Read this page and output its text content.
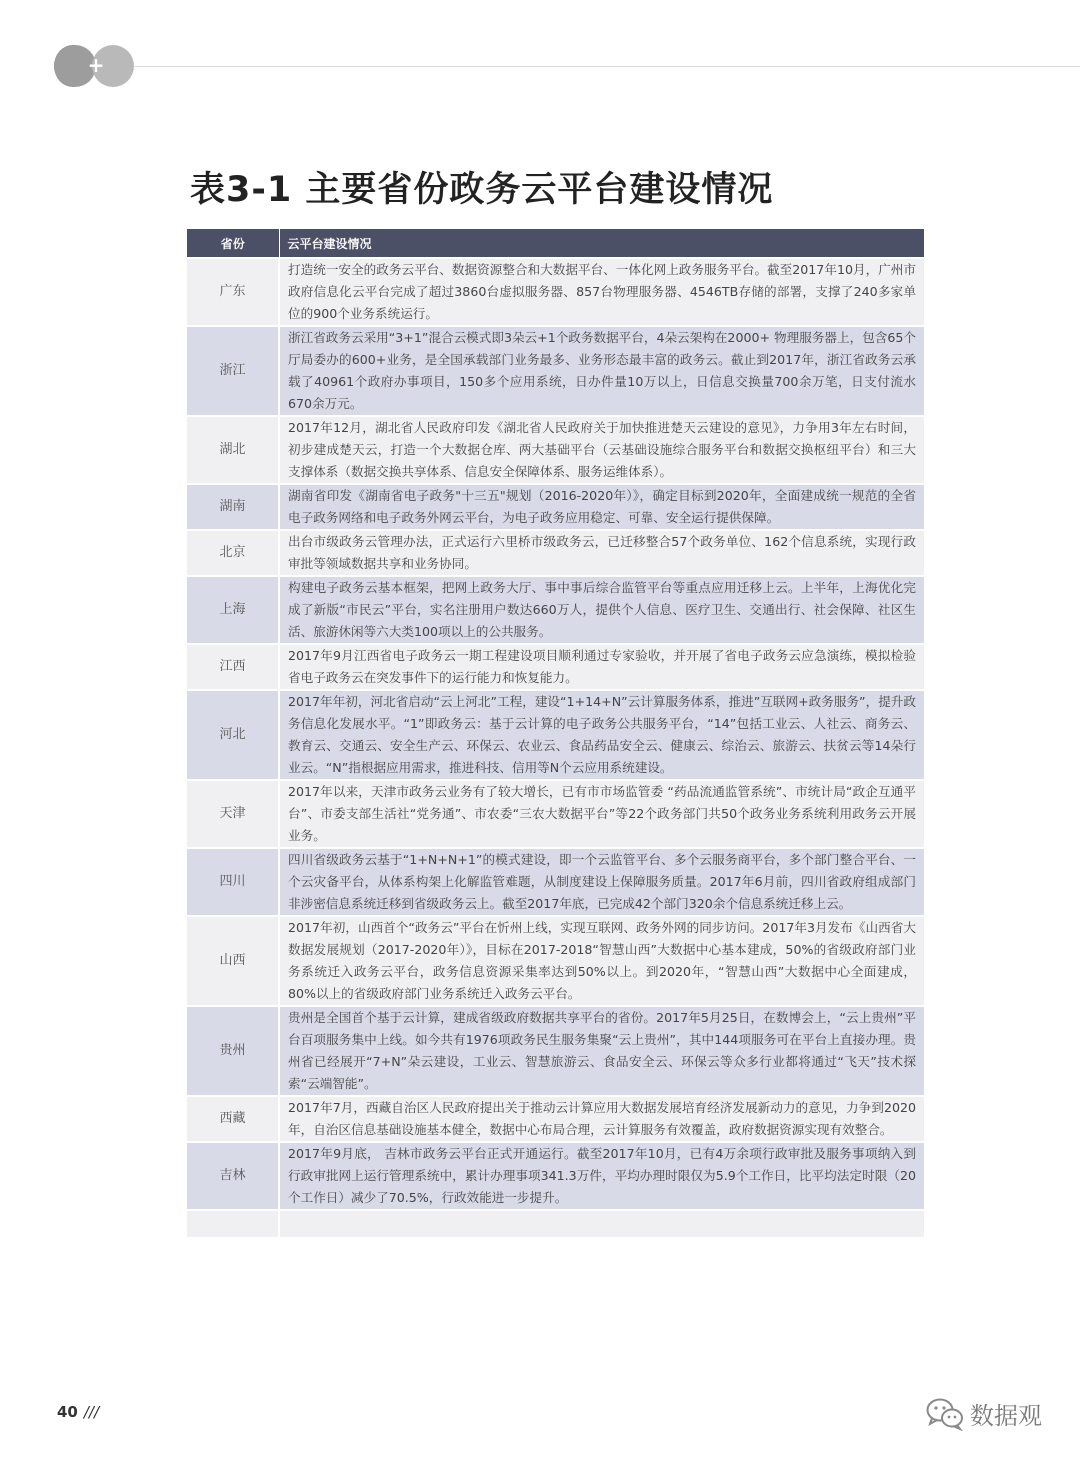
+
表3-1 主要省份政务云平台建设情况
省份	云平台建设情况
广东	打造统一安全的政务云平台、数据资源整合和大数据平台、一体化网上政务服务平台。截至2017年10月，广州市政府信息化云平台完成了超过3860台虚拟服务器、857台物理服务器、4546TB存储的部署，支撑了240多家单位的900个业务系统运行。
浙江	浙江省政务云采用“3+1”混合云模式即3朵云+1个政务数据平台，4朵云架构在2000+ 物理服务器上，包含65个厅局委办的600+业务，是全国承载部门业务最多、业务形态最丰富的政务云。截止到2017年，浙江省政务云承载了40961个政府办事项目，150多个应用系统，日办件量10万以上，日信息交换量700余万笔，日支付流水670余万元。
湖北	2017年12月，湖北省人民政府印发《湖北省人民政府关于加快推进楚天云建设的意见》，力争用3年左右时间，初步建成楚天云，打造一个大数据仓库、两大基础平台（云基础设施综合服务平台和数据交换枢纽平台）和三大支撑体系（数据交换共享体系、信息安全保障体系、服务运维体系）。
湖南	湖南省印发《湖南省电子政务"十三五"规划（2016-2020年）》，确定目标到2020年，全面建成统一规范的全省电子政务网络和电子政务外网云平台，为电子政务应用稳定、可靠、安全运行提供保障。
北京	出台市级政务云管理办法，正式运行六里桥市级政务云，已迁移整合57个政务单位、162个信息系统，实现行政审批等领域数据共享和业务协同。
上海	构建电子政务云基本框架，把网上政务大厅、事中事后综合监管平台等重点应用迁移上云。上半年，上海优化完成了新版“市民云”平台，实名注册用户数达660万人，提供个人信息、医疗卫生、交通出行、社会保障、社区生活、旅游休闲等六大类100项以上的公共服务。
江西	2017年9月江西省电子政务云一期工程建设项目顺利通过专家验收，并开展了省电子政务云应急演练，模拟检验省电子政务云在突发事件下的运行能力和恢复能力。
河北	2017年年初，河北省启动“云上河北”工程，建设“1+14+N”云计算服务体系，推进”互联网+政务服务”，提升政务信息化发展水平。“1”即政务云：基于云计算的电子政务公共服务平台，“14”包括工业云、人社云、商务云、教育云、交通云、安全生产云、环保云、农业云、食品药品安全云、健康云、综治云、旅游云、扶贫云等14朵行业云。“N”指根据应用需求，推进科技、信用等N个云应用系统建设。
天津	2017年以来，天津市政务云业务有了较大增长，已有市市场监管委 “药品流通监管系统”、市统计局“政企互通平台”、市委支部生活社“党务通”、市农委“三农大数据平台”等22个政务部门共50个政务业务系统利用政务云开展业务。
四川	四川省级政务云基于“1+N+N+1”的模式建设，即一个云监管平台、多个云服务商平台，多个部门整合平台、一个云灾备平台，从体系构架上化解监管难题，从制度建设上保障服务质量。2017年6月前，四川省政府组成部门非涉密信息系统迁移到省级政务云上。截至2017年底，已完成42个部门320余个信息系统迁移上云。
山西	2017年初，山西首个“政务云”平台在忻州上线，实现互联网、政务外网的同步访问。2017年3月发布《山西省大数据发展规划（2017-2020年）》，目标在2017-2018“智慧山西”大数据中心基本建成，50%的省级政府部门业务系统迁入政务云平台，政务信息资源采集率达到50%以上。到2020年，“智慧山西”大数据中心全面建成，80%以上的省级政府部门业务系统迁入政务云平台。
贵州	贵州是全国首个基于云计算，建成省级政府数据共享平台的省份。2017年5月25日，在数博会上，“云上贵州”平台百项服务集中上线。如今共有1976项政务民生服务集聚“云上贵州”，其中144项服务可在平台上直接办理。贵州省已经展开“7+N”朵云建设，工业云、智慧旅游云、食品安全云、环保云等众多行业都将通过“飞天”技术探索“云端智能”。
西藏	2017年7月，西藏自治区人民政府提出关于推动云计算应用大数据发展培育经济发展新动力的意见，力争到2020年，自治区信息基础设施基本健全，数据中心布局合理，云计算服务有效覆盖，政府数据资源实现有效整合。
吉林	2017年9月底， 吉林市政务云平台正式开通运行。截至2017年10月，已有4万余项行政审批及服务事项纳入到行政审批网上运行管理系统中，累计办理事项341.3万件，平均办理时限仅为5.9个工作日，比平均法定时限（20个工作日）减少了70.5%，行政效能进一步提升。

40 ///	数据观
